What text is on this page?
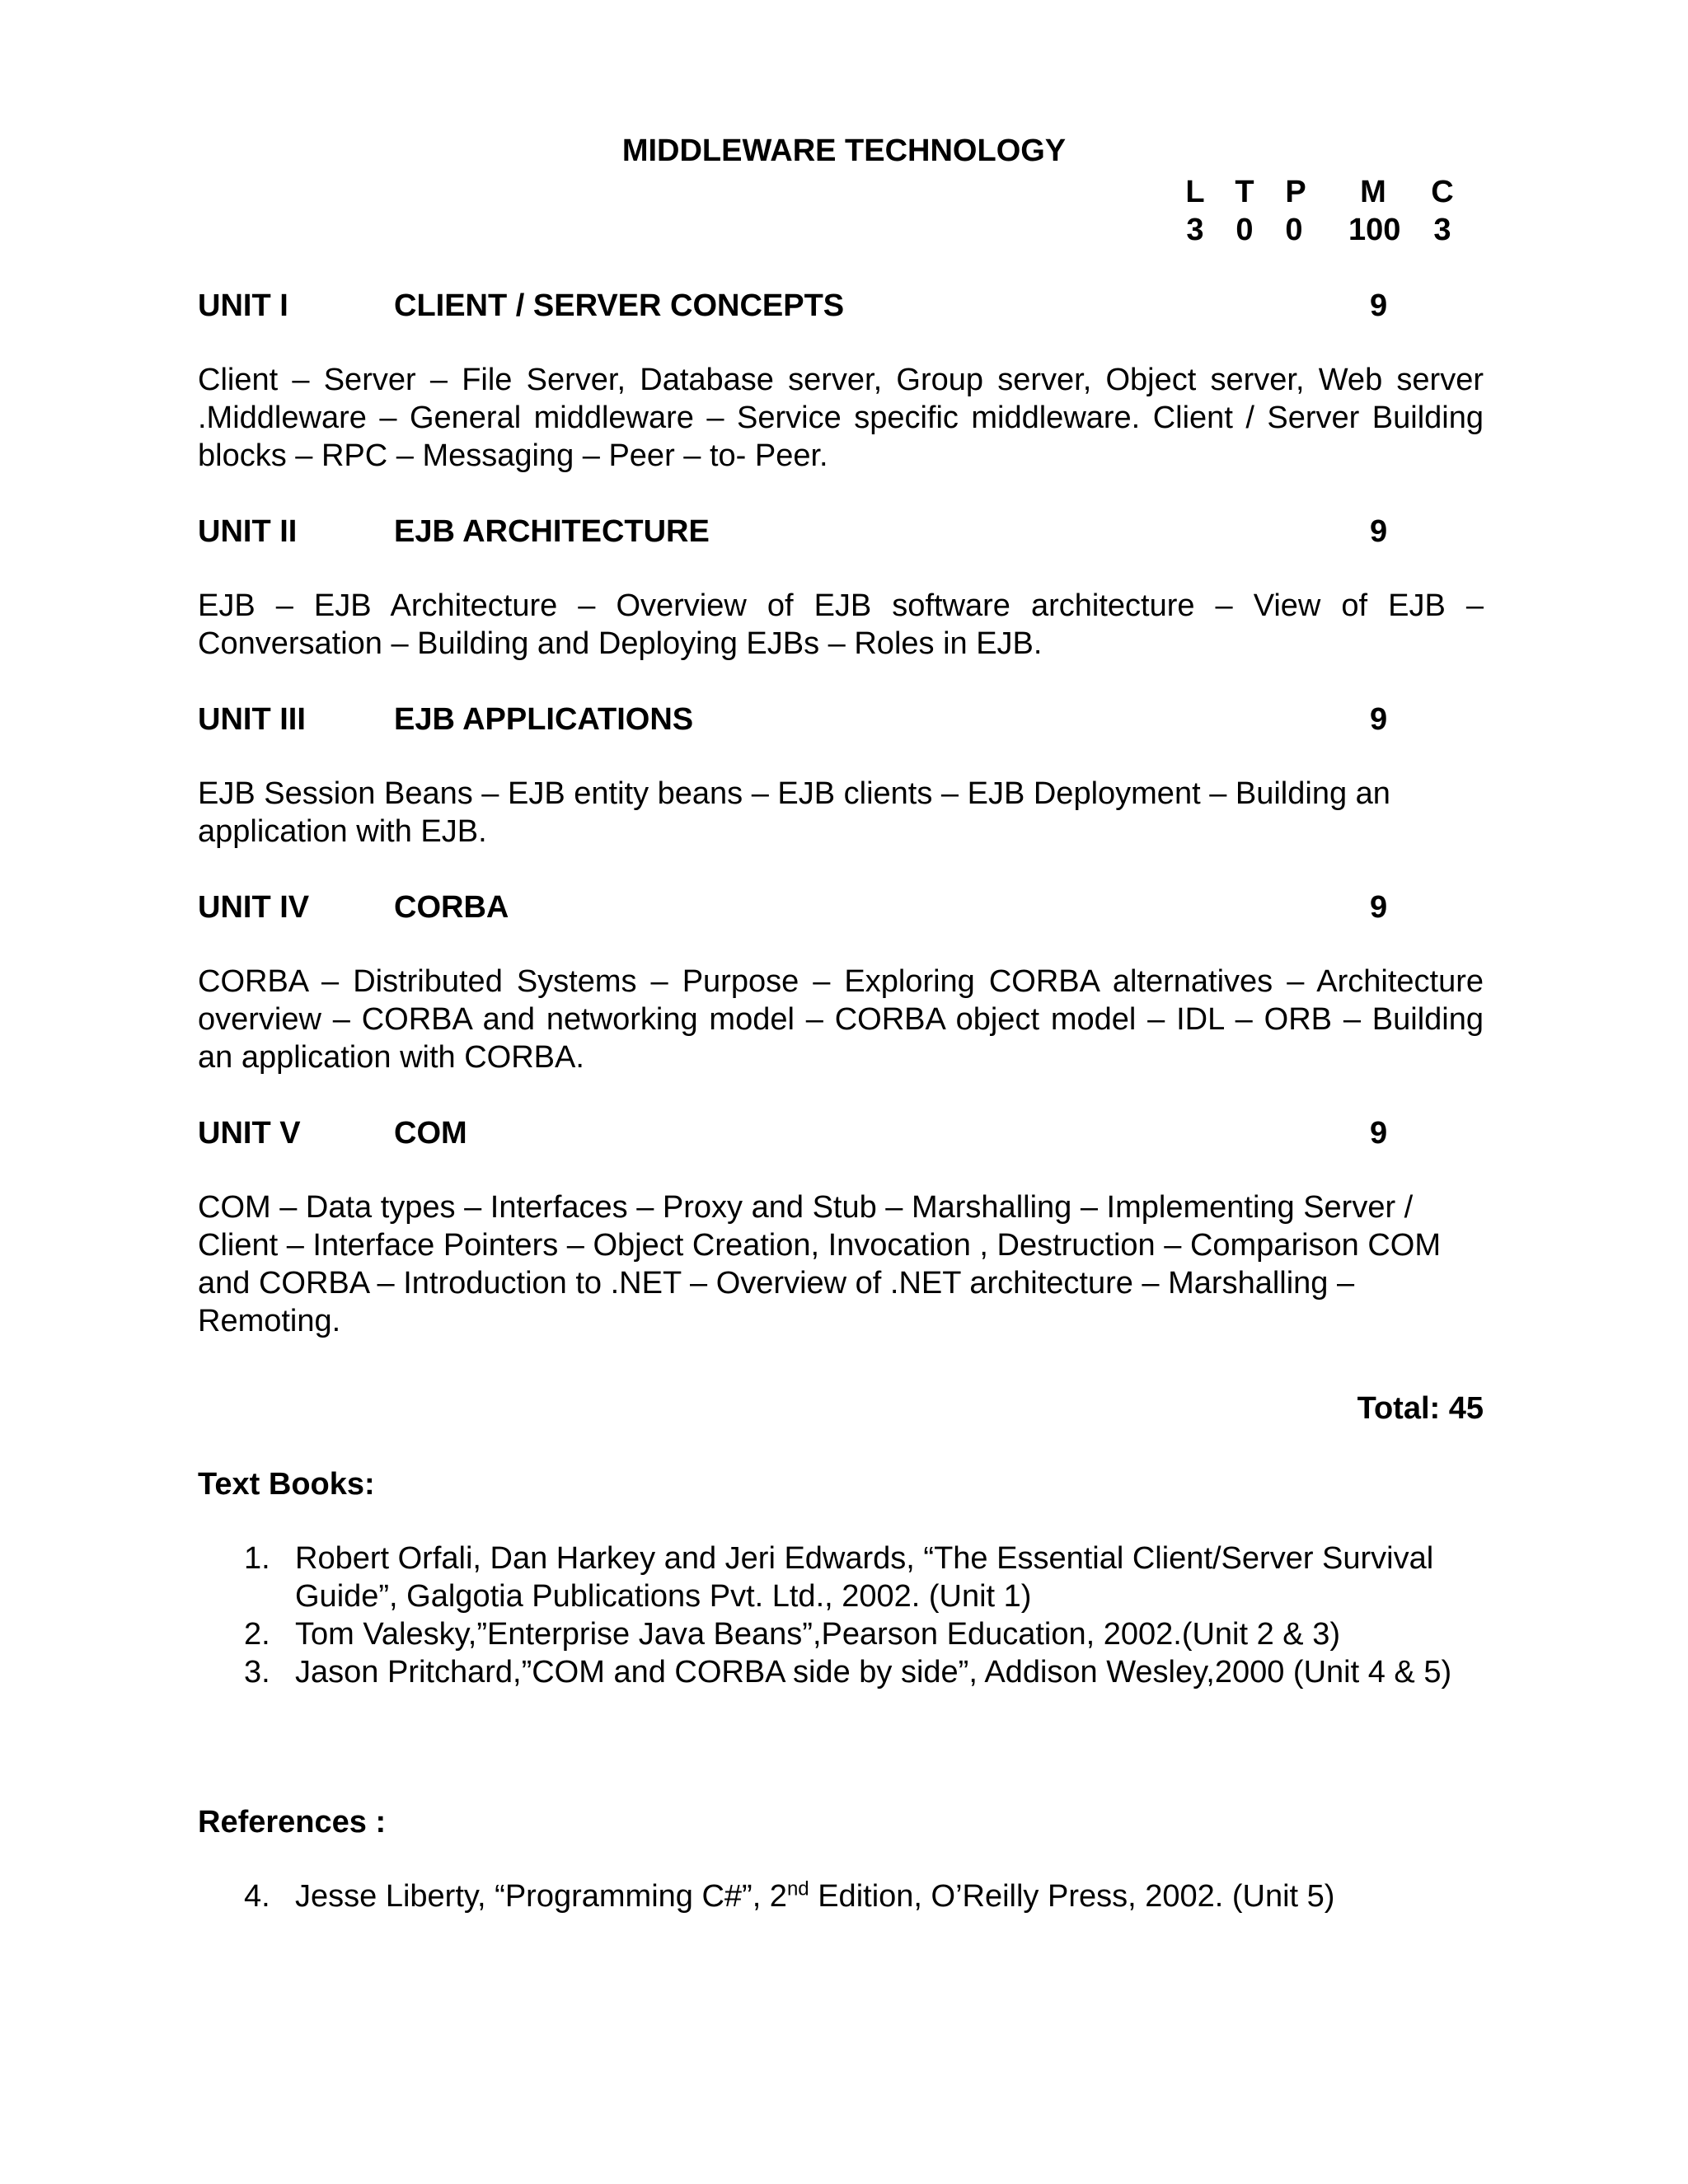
MIDDLEWARE TECHNOLOGY
L T P	M	C
3	0	0	100	3
UNIT I	CLIENT / SERVER CONCEPTS	9
Client – Server – File Server, Database server, Group server, Object server, Web server .Middleware – General middleware – Service specific middleware. Client / Server Building blocks – RPC – Messaging – Peer – to- Peer.
UNIT II	EJB ARCHITECTURE	9
EJB – EJB Architecture – Overview of EJB software architecture – View of EJB – Conversation – Building and Deploying EJBs – Roles in EJB.
UNIT III	EJB APPLICATIONS	9
EJB Session Beans – EJB entity beans – EJB clients – EJB Deployment – Building an application with EJB.
UNIT IV	CORBA	9
CORBA – Distributed Systems – Purpose – Exploring CORBA alternatives – Architecture overview – CORBA and networking model – CORBA object model – IDL – ORB – Building an application with CORBA.
UNIT V	COM	9
COM – Data types – Interfaces – Proxy and Stub – Marshalling – Implementing Server / Client – Interface Pointers – Object Creation, Invocation , Destruction – Comparison COM and CORBA – Introduction to .NET – Overview of .NET architecture – Marshalling – Remoting.
Total: 45
Text Books:
1. Robert Orfali, Dan Harkey and Jeri Edwards, “The Essential Client/Server Survival Guide”, Galgotia Publications Pvt. Ltd., 2002. (Unit 1)
2. Tom Valesky,”Enterprise Java Beans”,Pearson Education, 2002.(Unit 2 & 3)
3. Jason Pritchard,”COM and CORBA side by side”, Addison Wesley,2000 (Unit 4 & 5)
References :
4. Jesse Liberty, “Programming C#”, 2nd Edition, O’Reilly Press, 2002. (Unit 5)
